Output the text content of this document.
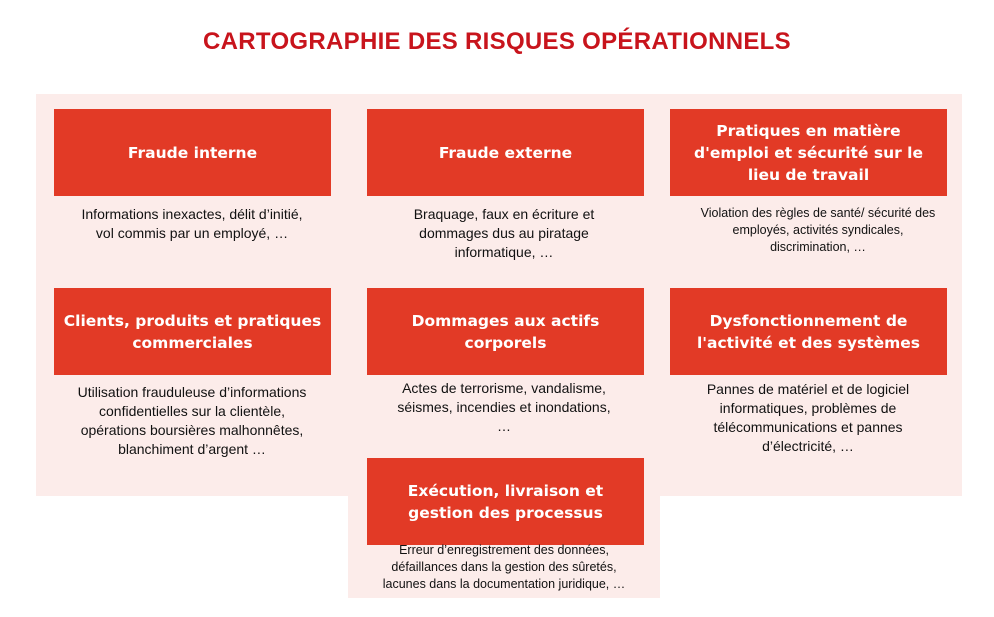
CARTOGRAPHIE DES RISQUES OPÉRATIONNELS
Fraude interne
Informations inexactes, délit d’initié,
vol commis par un employé, …
Fraude externe
Braquage, faux en écriture et
dommages dus au piratage
informatique, …
Pratiques en matière d'emploi et sécurité sur le lieu de travail
Violation des règles de santé/ sécurité des
employés, activités syndicales,
discrimination, …
Clients, produits et pratiques commerciales
Utilisation frauduleuse d’informations
confidentielles sur la clientèle,
opérations boursières malhonnêtes,
blanchiment d’argent …
Dommages aux actifs corporels
Actes de terrorisme, vandalisme,
séismes, incendies et inondations,
…
Dysfonctionnement de l'activité et des systèmes
Pannes de matériel et de logiciel
informatiques, problèmes de
télécommunications et pannes
d’électricité, …
Exécution, livraison et gestion des processus
Erreur d’enregistrement des données,
défaillances dans la gestion des sûretés,
lacunes dans la documentation juridique, …
